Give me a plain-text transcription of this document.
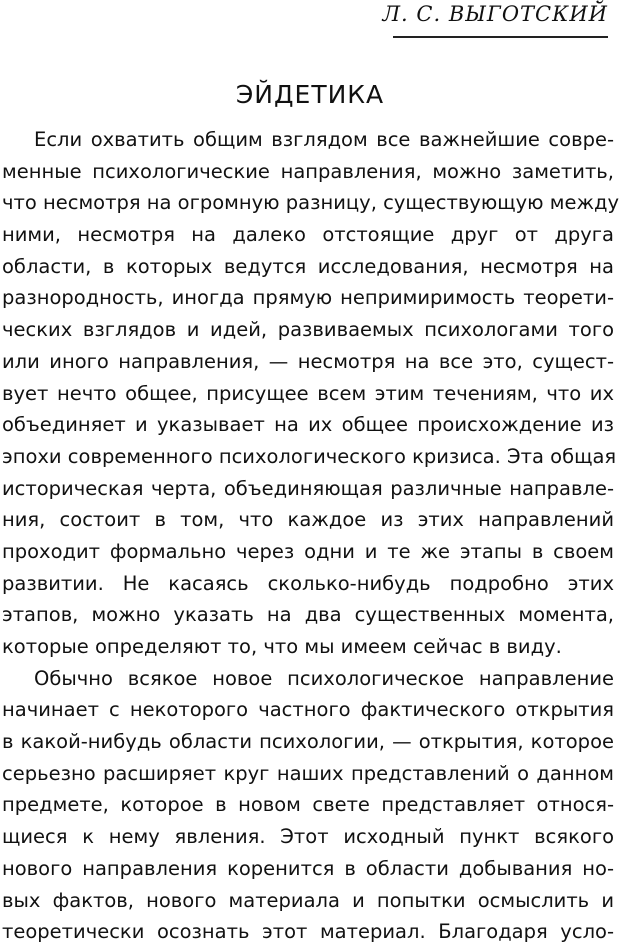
Л. С. ВЫГОТСКИЙ
ЭЙДЕТИКА
Если охватить общим взглядом все важнейшие совре-
менные психологические направления, можно заметить,
что несмотря на огромную разницу, существующую между
ними, несмотря на далеко отстоящие друг от друга
области, в которых ведутся исследования, несмотря на
разнородность, иногда прямую непримиримость теорети-
ческих взглядов и идей, развиваемых психологами того
или иного направления, — несмотря на все это, сущест-
вует нечто общее, присущее всем этим течениям, что их
объединяет и указывает на их общее происхождение из
эпохи современного психологического кризиса. Эта общая
историческая черта, объединяющая различные направле-
ния, состоит в том, что каждое из этих направлений
проходит формально через одни и те же этапы в своем
развитии. Не касаясь сколько-нибудь подробно этих
этапов, можно указать на два существенных момента,
которые определяют то, что мы имеем сейчас в виду.
Обычно всякое новое психологическое направление
начинает с некоторого частного фактического открытия
в какой-нибудь области психологии, — открытия, которое
серьезно расширяет круг наших представлений о данном
предмете, которое в новом свете представляет относя-
щиеся к нему явления. Этот исходный пункт всякого
нового направления коренится в области добывания но-
вых фактов, нового материала и попытки осмыслить и
теоретически осознать этот материал. Благодаря усло-
